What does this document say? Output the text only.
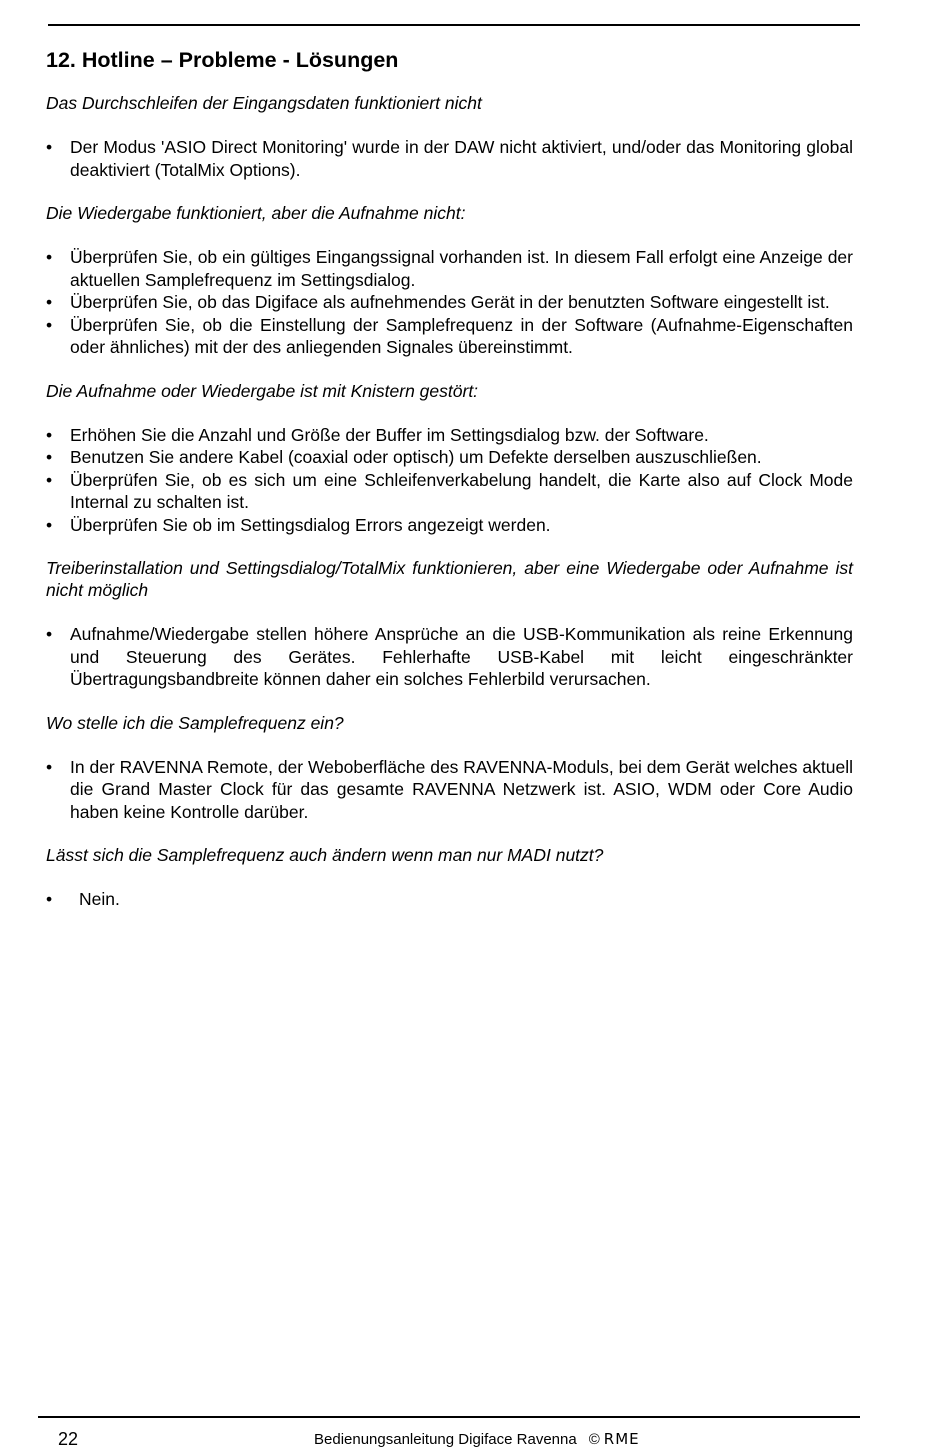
12. Hotline – Probleme - Lösungen

Das Durchschleifen der Eingangsdaten funktioniert nicht

•	Der Modus 'ASIO Direct Monitoring' wurde in der DAW nicht aktiviert, und/oder das Monitoring global deaktiviert (TotalMix Options).

Die Wiedergabe funktioniert, aber die Aufnahme nicht:

•	Überprüfen Sie, ob ein gültiges Eingangssignal vorhanden ist. In diesem Fall erfolgt eine Anzeige der aktuellen Samplefrequenz im Settingsdialog.
•	Überprüfen Sie, ob das Digiface als aufnehmendes Gerät in der benutzten Software eingestellt ist.
•	Überprüfen Sie, ob die Einstellung der Samplefrequenz in der Software (Aufnahme-Eigenschaften oder ähnliches) mit der des anliegenden Signales übereinstimmt.

Die Aufnahme oder Wiedergabe ist mit Knistern gestört:

•	Erhöhen Sie die Anzahl und Größe der Buffer im Settingsdialog bzw. der Software.
•	Benutzen Sie andere Kabel (coaxial oder optisch) um Defekte derselben auszuschließen.
•	Überprüfen Sie, ob es sich um eine Schleifenverkabelung handelt, die Karte also auf Clock Mode Internal zu schalten ist.
•	Überprüfen Sie ob im Settingsdialog Errors angezeigt werden.

Treiberinstallation und Settingsdialog/TotalMix funktionieren, aber eine Wiedergabe oder Aufnahme ist nicht möglich

•	Aufnahme/Wiedergabe stellen höhere Ansprüche an die USB-Kommunikation als reine Erkennung und Steuerung des Gerätes. Fehlerhafte USB-Kabel mit leicht eingeschränkter Übertragungsbandbreite können daher ein solches Fehlerbild verursachen.

Wo stelle ich die Samplefrequenz ein?

•	In der RAVENNA Remote, der Weboberfläche des RAVENNA-Moduls, bei dem Gerät welches aktuell die Grand Master Clock für das gesamte RAVENNA Netzwerk ist. ASIO, WDM oder Core Audio haben keine Kontrolle darüber.

Lässt sich die Samplefrequenz auch ändern wenn man nur MADI nutzt?

•	Nein.
22	Bedienungsanleitung Digiface Ravenna © RME
